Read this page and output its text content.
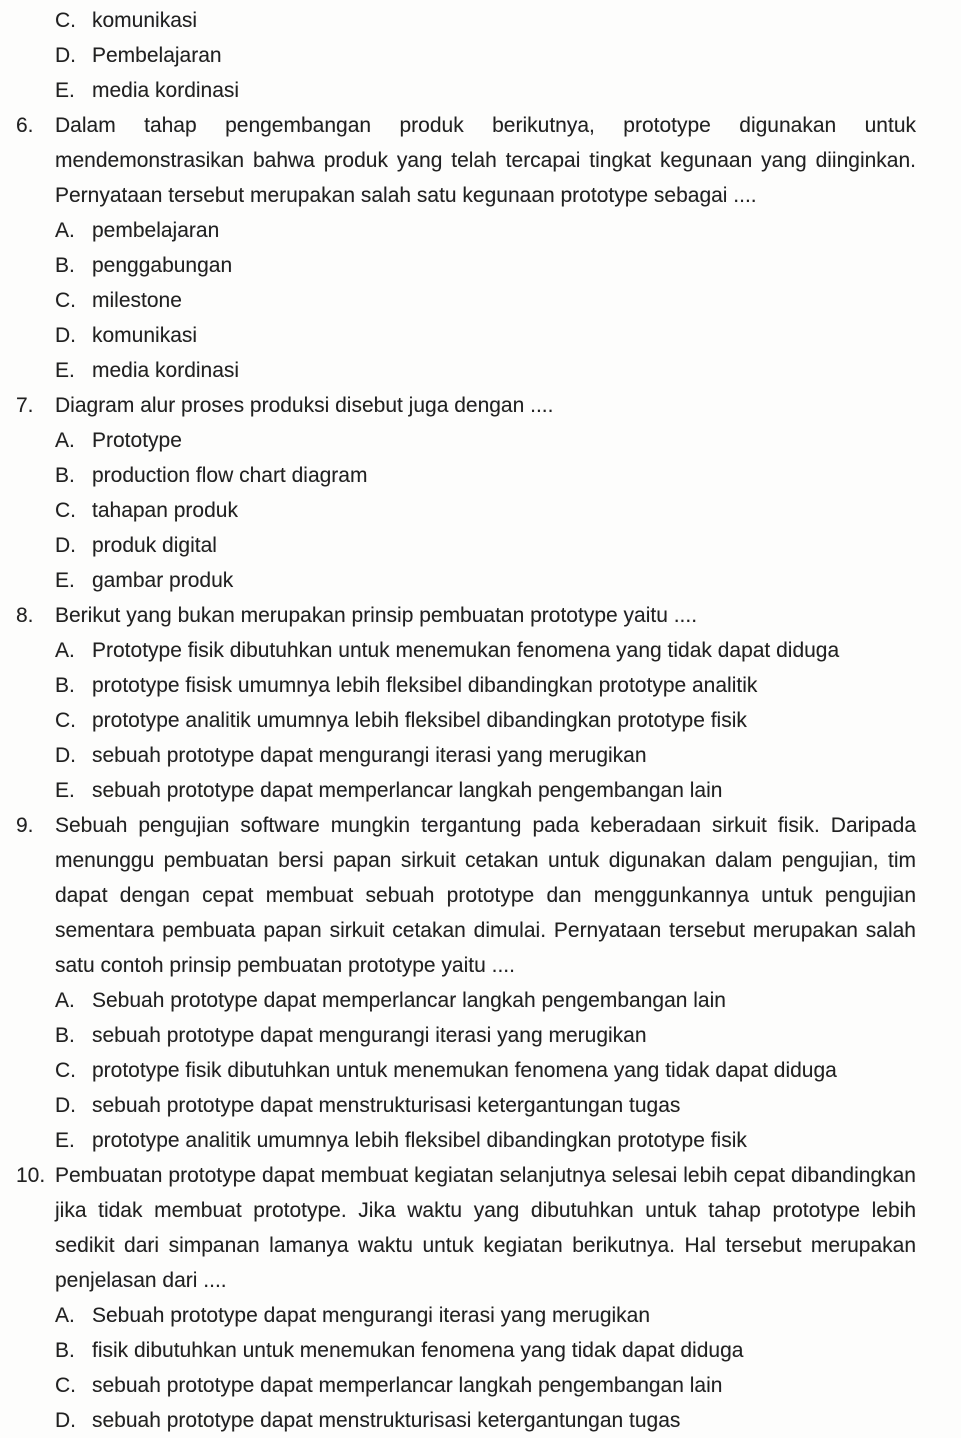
C. komunikasi
D. Pembelajaran
E. media kordinasi
6.	Dalam tahap pengembangan produk berikutnya, prototype digunakan untuk mendemonstrasikan bahwa produk yang telah tercapai tingkat kegunaan yang diinginkan. Pernyataan tersebut merupakan salah satu kegunaan prototype sebagai ....

A. pembelajaran
B. penggabungan
C. milestone
D. komunikasi
E. media kordinasi
7.	Diagram alur proses produksi disebut juga dengan ....

A. Prototype
B. production flow chart diagram
C. tahapan produk
D. produk digital
E. gambar produk
8.	Berikut yang bukan merupakan prinsip pembuatan prototype yaitu ....

A. Prototype fisik dibutuhkan untuk menemukan fenomena yang tidak dapat diduga
B. prototype fisisk umumnya lebih fleksibel dibandingkan prototype analitik
C. prototype analitik umumnya lebih fleksibel dibandingkan prototype fisik
D. sebuah prototype dapat mengurangi iterasi yang merugikan
E. sebuah prototype dapat memperlancar langkah pengembangan lain
9.	Sebuah pengujian software mungkin tergantung pada keberadaan sirkuit fisik. Daripada menunggu pembuatan bersi papan sirkuit cetakan untuk digunakan dalam pengujian, tim dapat dengan cepat membuat sebuah prototype dan menggunkannya untuk pengujian sementara pembuata papan sirkuit cetakan dimulai. Pernyataan tersebut merupakan salah satu contoh prinsip pembuatan prototype yaitu ....

A. Sebuah prototype dapat memperlancar langkah pengembangan lain
B. sebuah prototype dapat mengurangi iterasi yang merugikan
C. prototype fisik dibutuhkan untuk menemukan fenomena yang tidak dapat diduga
D. sebuah prototype dapat menstrukturisasi ketergantungan tugas
E. prototype analitik umumnya lebih fleksibel dibandingkan prototype fisik
10. Pembuatan prototype dapat membuat kegiatan selanjutnya selesai lebih cepat dibandingkan jika tidak membuat prototype. Jika waktu yang dibutuhkan untuk tahap prototype lebih sedikit dari simpanan lamanya waktu untuk kegiatan berikutnya. Hal tersebut merupakan penjelasan dari ....

A. Sebuah prototype dapat mengurangi iterasi yang merugikan
B. fisik dibutuhkan untuk menemukan fenomena yang tidak dapat diduga
C. sebuah prototype dapat memperlancar langkah pengembangan lain
D. sebuah prototype dapat menstrukturisasi ketergantungan tugas
